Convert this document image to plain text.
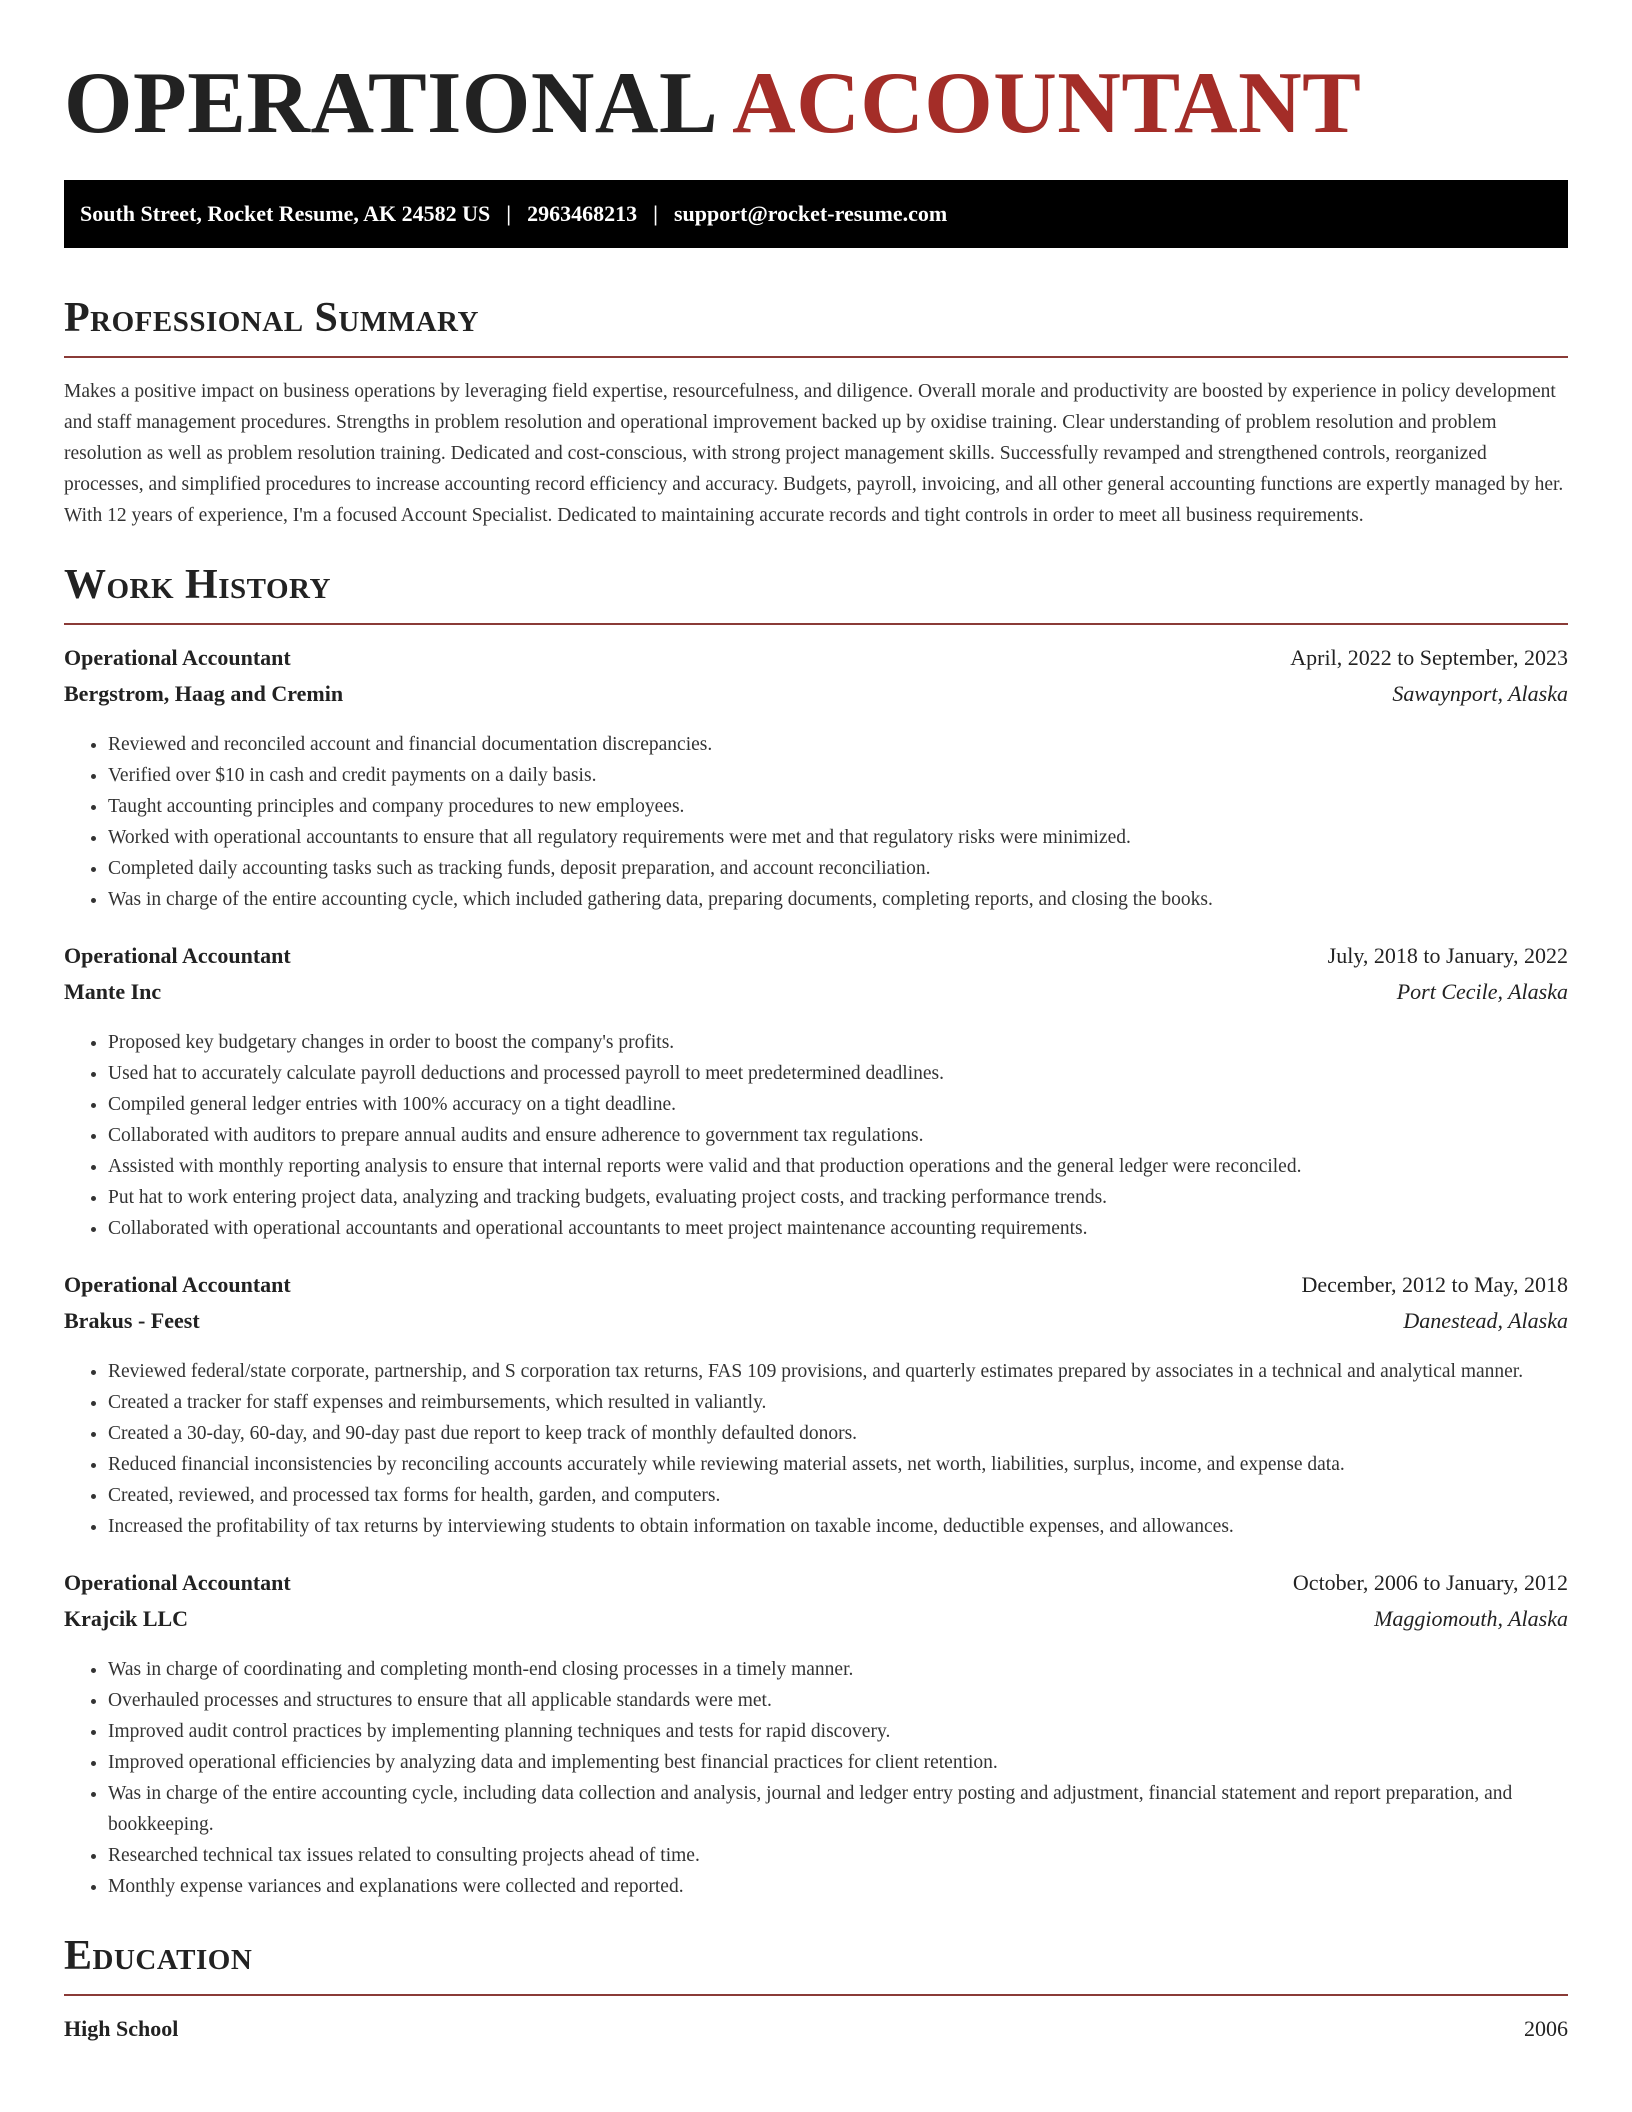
OPERATIONAL ACCOUNTANT
South Street, Rocket Resume, AK 24582 US | 2963468213 | support@rocket-resume.com
Professional Summary

Makes a positive impact on business operations by leveraging field expertise, resourcefulness, and diligence. Overall morale and productivity are boosted by experience in policy development and staff management procedures. Strengths in problem resolution and operational improvement backed up by oxidise training. Clear understanding of problem resolution and problem resolution as well as problem resolution training. Dedicated and cost-conscious, with strong project management skills. Successfully revamped and strengthened controls, reorganized processes, and simplified procedures to increase accounting record efficiency and accuracy. Budgets, payroll, invoicing, and all other general accounting functions are expertly managed by her. With 12 years of experience, I'm a focused Account Specialist. Dedicated to maintaining accurate records and tight controls in order to meet all business requirements.

Work History
Operational Accountant	April, 2022 to September, 2023
Bergstrom, Haag and Cremin	Sawaynport, Alaska
• Reviewed and reconciled account and financial documentation discrepancies.
• Verified over $10 in cash and credit payments on a daily basis.
• Taught accounting principles and company procedures to new employees.
• Worked with operational accountants to ensure that all regulatory requirements were met and that regulatory risks were minimized.
• Completed daily accounting tasks such as tracking funds, deposit preparation, and account reconciliation.
• Was in charge of the entire accounting cycle, which included gathering data, preparing documents, completing reports, and closing the books.
Operational Accountant	July, 2018 to January, 2022
Mante Inc	Port Cecile, Alaska
• Proposed key budgetary changes in order to boost the company's profits.
• Used hat to accurately calculate payroll deductions and processed payroll to meet predetermined deadlines.
• Compiled general ledger entries with 100% accuracy on a tight deadline.
• Collaborated with auditors to prepare annual audits and ensure adherence to government tax regulations.
• Assisted with monthly reporting analysis to ensure that internal reports were valid and that production operations and the general ledger were reconciled.
• Put hat to work entering project data, analyzing and tracking budgets, evaluating project costs, and tracking performance trends.
• Collaborated with operational accountants and operational accountants to meet project maintenance accounting requirements.
Operational Accountant	December, 2012 to May, 2018
Brakus - Feest	Danestead, Alaska
• Reviewed federal/state corporate, partnership, and S corporation tax returns, FAS 109 provisions, and quarterly estimates prepared by associates in a technical and analytical manner.
• Created a tracker for staff expenses and reimbursements, which resulted in valiantly.
• Created a 30-day, 60-day, and 90-day past due report to keep track of monthly defaulted donors.
• Reduced financial inconsistencies by reconciling accounts accurately while reviewing material assets, net worth, liabilities, surplus, income, and expense data.
• Created, reviewed, and processed tax forms for health, garden, and computers.
• Increased the profitability of tax returns by interviewing students to obtain information on taxable income, deductible expenses, and allowances.
Operational Accountant	October, 2006 to January, 2012
Krajcik LLC	Maggiomouth, Alaska
• Was in charge of coordinating and completing month-end closing processes in a timely manner.
• Overhauled processes and structures to ensure that all applicable standards were met.
• Improved audit control practices by implementing planning techniques and tests for rapid discovery.
• Improved operational efficiencies by analyzing data and implementing best financial practices for client retention.
• Was in charge of the entire accounting cycle, including data collection and analysis, journal and ledger entry posting and adjustment, financial statement and report preparation, and bookkeeping.
• Researched technical tax issues related to consulting projects ahead of time.
• Monthly expense variances and explanations were collected and reported.
Education
High School	2006
